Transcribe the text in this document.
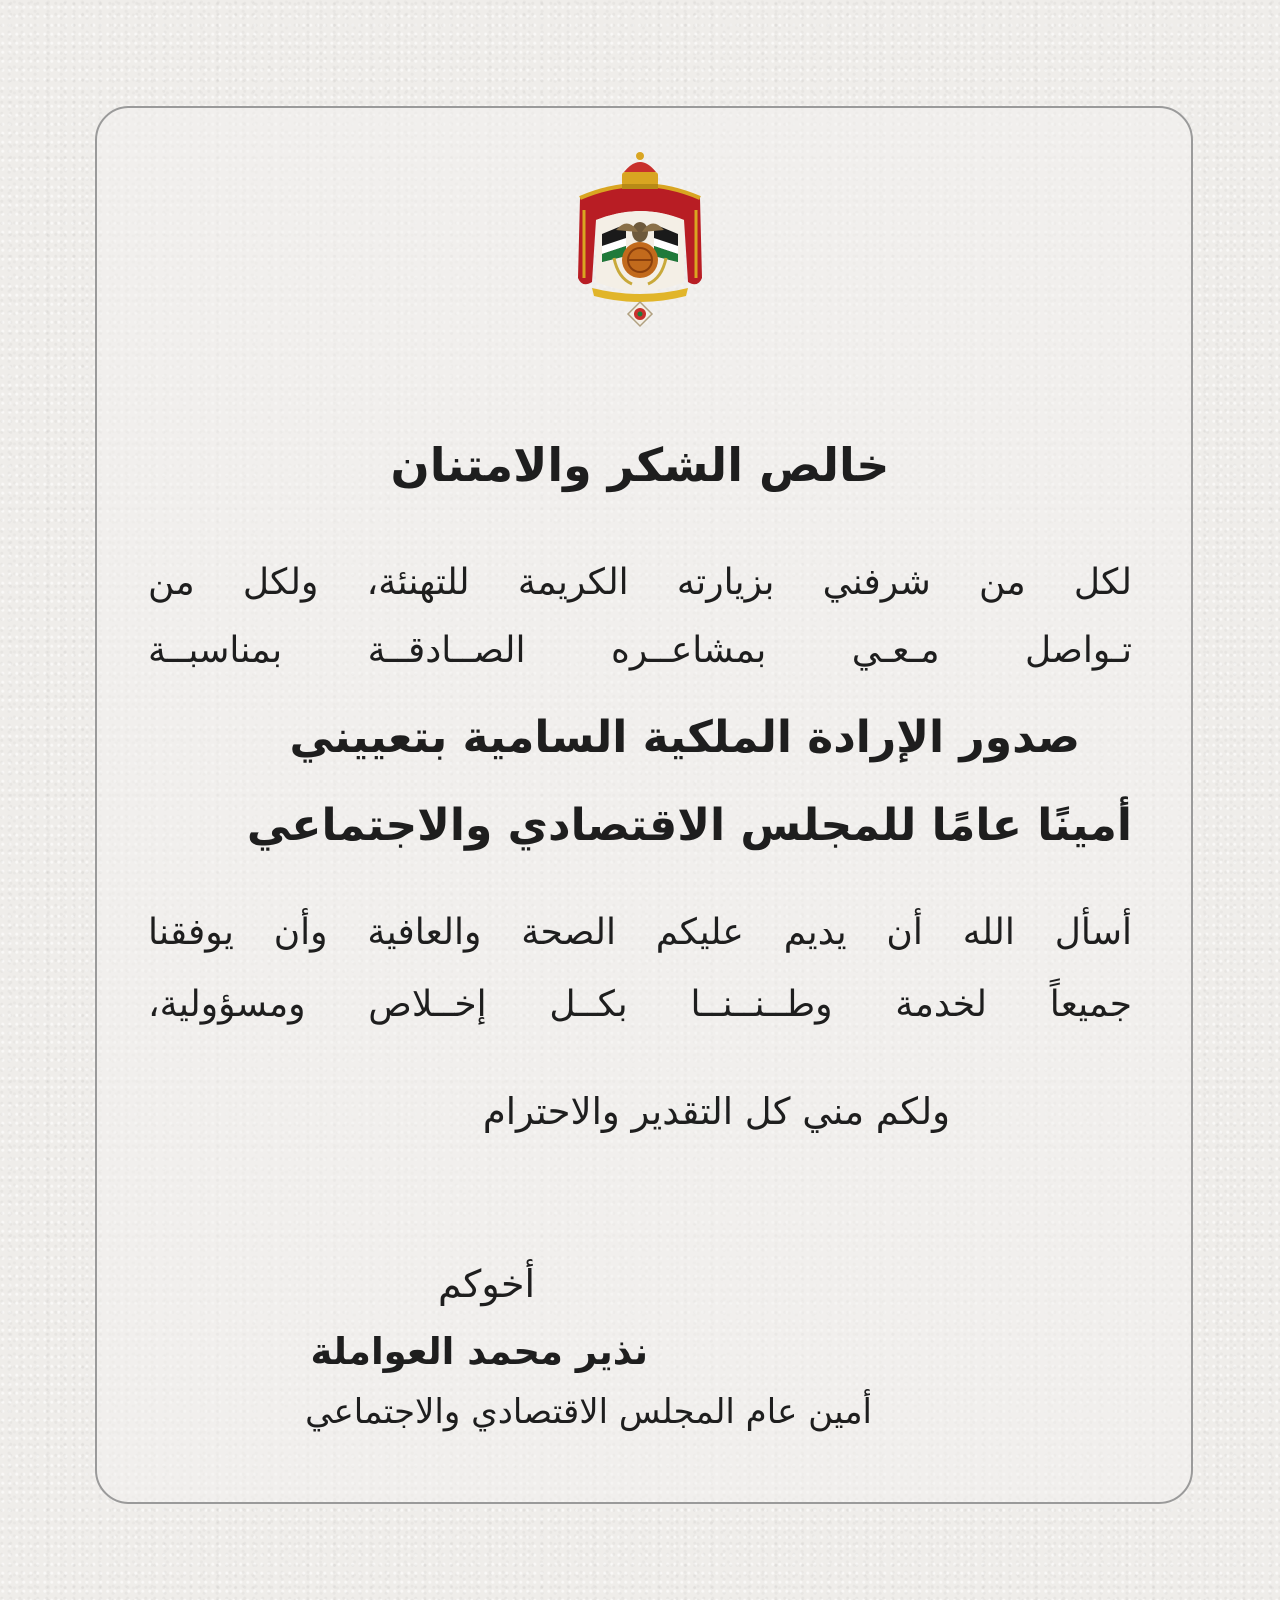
خالص الشكر والامتنان
لكل من شرفني بزيارته الكريمة للتهنئة، ولكل من
تـواصل مـعـي بمشاعــره الصــادقــة بمناسبــة
صدور الإرادة الملكية السامية بتعييني
أمينًا عامًا للمجلس الاقتصادي والاجتماعي
أسأل الله أن يديم عليكم الصحة والعافية وأن يوفقنا
جميعاً لخدمة وطــنــنــا بكــل إخــلاص ومسؤولية،
ولكم مني كل التقدير والاحترام
أخوكم
نذير محمد العواملة
أمين عام المجلس الاقتصادي والاجتماعي
